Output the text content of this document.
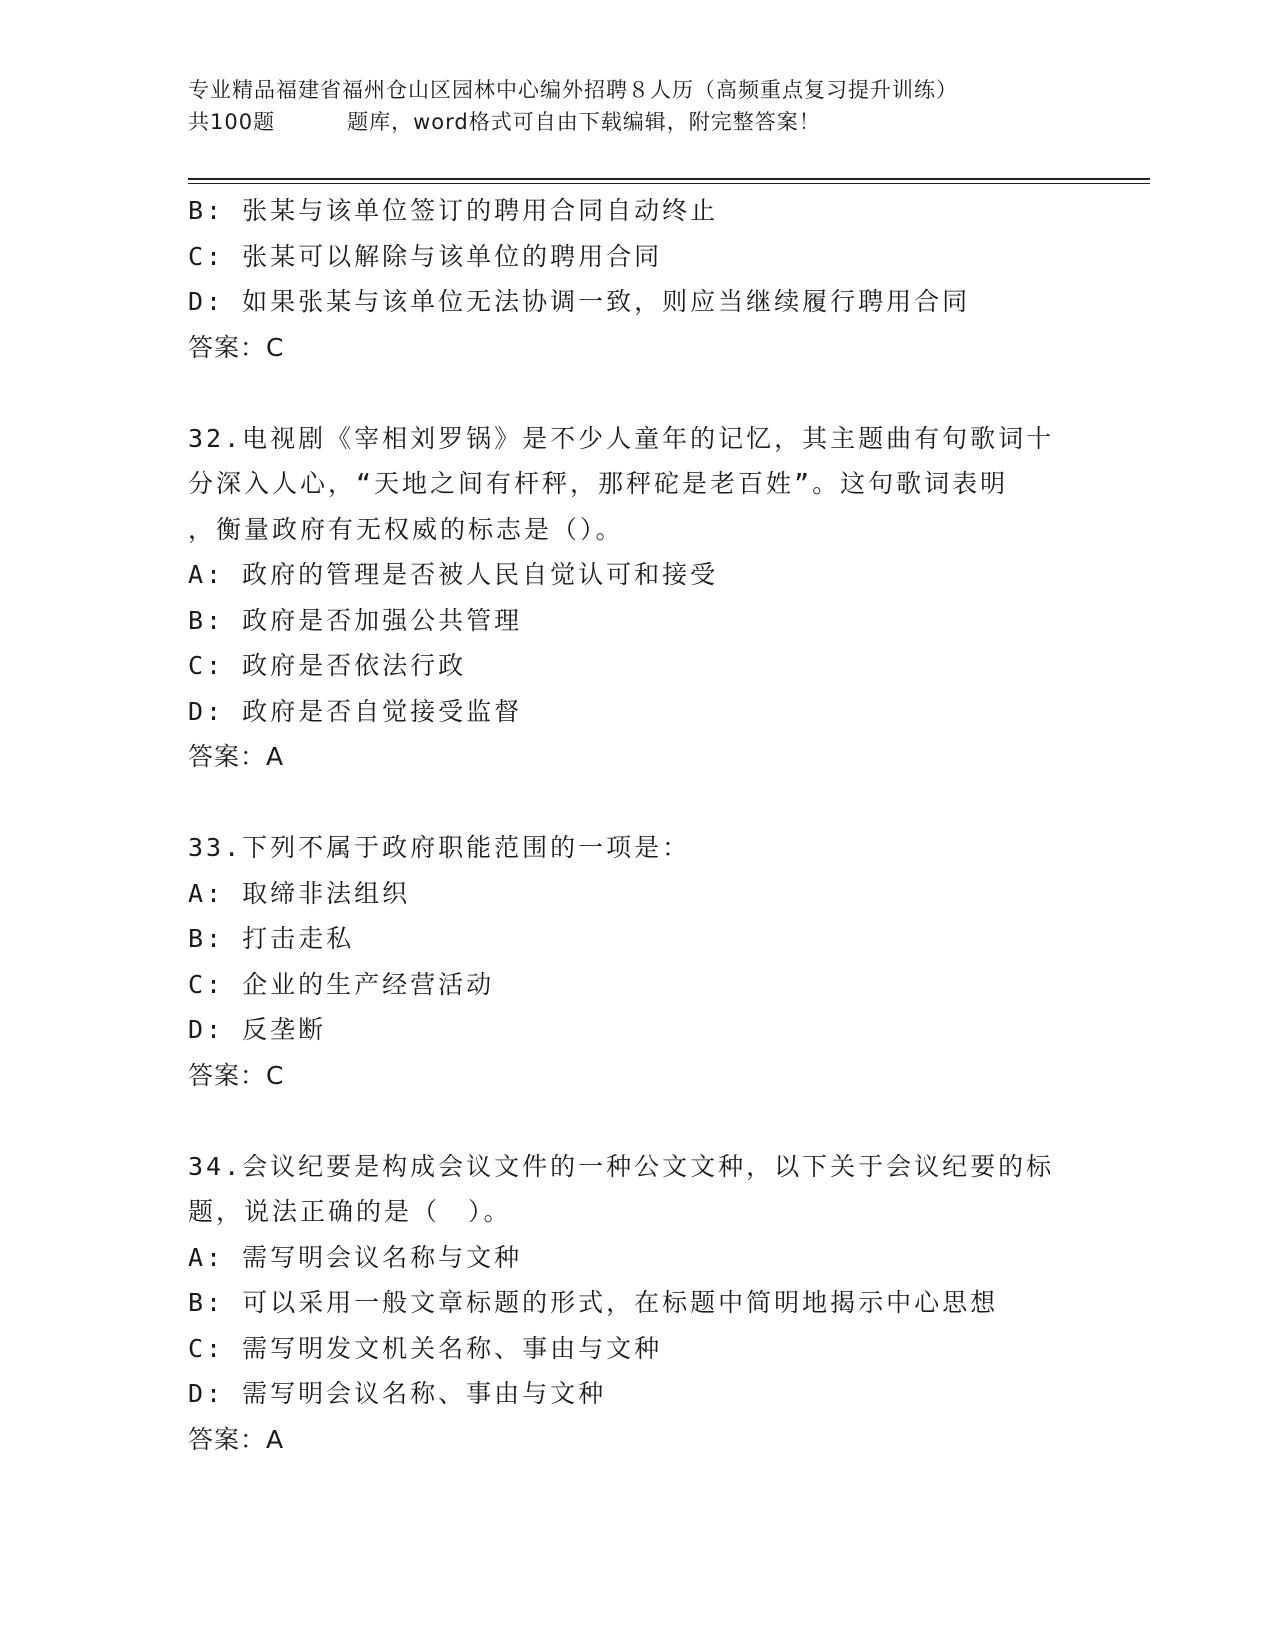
专业精品福建省福州仓山区园林中心编外招聘８人历（高频重点复习提升训练）
共100题	题库，word格式可自由下载编辑，附完整答案！
B: 张某与该单位签订的聘用合同自动终止
C: 张某可以解除与该单位的聘用合同
D: 如果张某与该单位无法协调一致，则应当继续履行聘用合同
答案：C
32.电视剧《宰相刘罗锅》是不少人童年的记忆，其主题曲有句歌词十
分深入人心，“天地之间有杆秤，那秤砣是老百姓”。这句歌词表明
，衡量政府有无权威的标志是（）。
A: 政府的管理是否被人民自觉认可和接受
B: 政府是否加强公共管理
C: 政府是否依法行政
D: 政府是否自觉接受监督
答案：A
33.下列不属于政府职能范围的一项是：
A: 取缔非法组织
B: 打击走私
C: 企业的生产经营活动
D: 反垄断
答案：C
34.会议纪要是构成会议文件的一种公文文种，以下关于会议纪要的标
题，说法正确的是（　）。
A: 需写明会议名称与文种
B: 可以采用一般文章标题的形式，在标题中简明地揭示中心思想
C: 需写明发文机关名称、事由与文种
D: 需写明会议名称、事由与文种
答案：A
